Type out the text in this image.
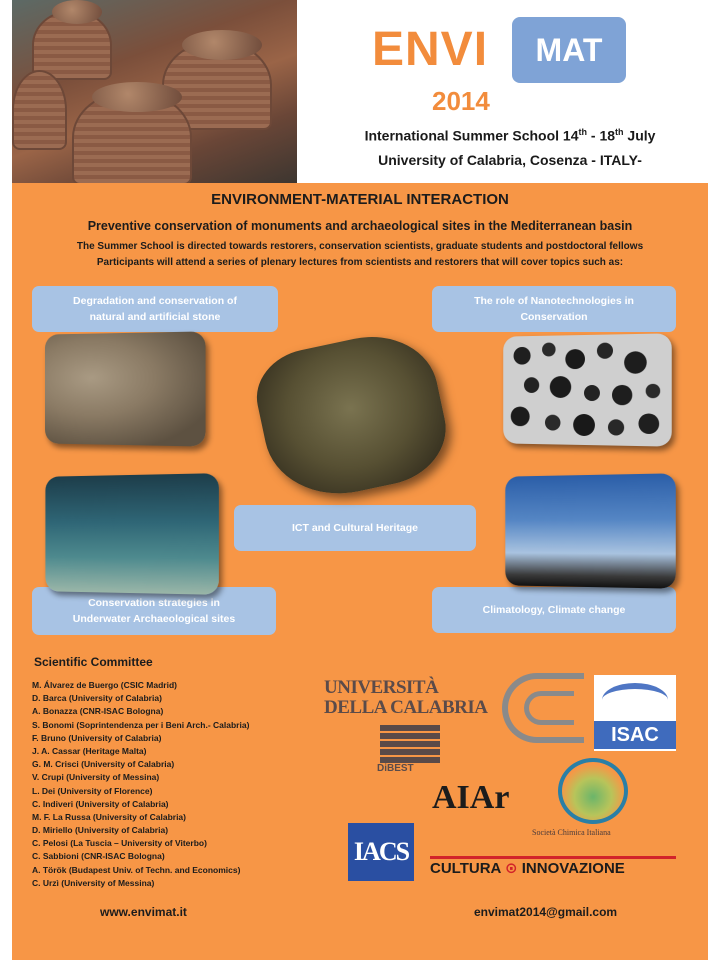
ENVI	MAT
2014
International Summer School 14th - 18th July
University of Calabria, Cosenza - ITALY-
ENVIRONMENT-MATERIAL INTERACTION
Preventive conservation of monuments and archaeological sites in the Mediterranean basin
The Summer School is directed towards restorers, conservation scientists, graduate students and postdoctoral fellows
Participants will attend a series of plenary lectures from scientists and restorers that will cover topics such as:
Degradation and conservation of
natural and artificial stone
The role of Nanotechnologies in
Conservation
ICT and Cultural Heritage
Conservation strategies in
Underwater Archaeological sites
Climatology, Climate change
Scientific Committee
M. Álvarez de Buergo (CSIC Madrid)
D. Barca (University of Calabria)
A. Bonazza (CNR-ISAC Bologna)
S. Bonomi (Soprintendenza per i Beni Arch.- Calabria)
F. Bruno (University of Calabria)
J. A. Cassar (Heritage Malta)
G. M. Crisci (University of Calabria)
V. Crupi (University of Messina)
L. Dei (University of Florence)
C. Indiveri (University of Calabria)
M. F. La Russa (University of Calabria)
D. Miriello (University of Calabria)
C. Pelosi (La Tuscia – University of Viterbo)
C. Sabbioni (CNR-ISAC Bologna)
A. Török (Budapest Univ. of Techn. and Economics)
C. Urzì (University of Messina)
UNIVERSITÀ
DELLA CALABRIA
DiBEST
ISAC
AIAr
Società Chimica Italiana
IACS
CULTURA ⊙ INNOVAZIONE
www.envimat.it	envimat2014@gmail.com
